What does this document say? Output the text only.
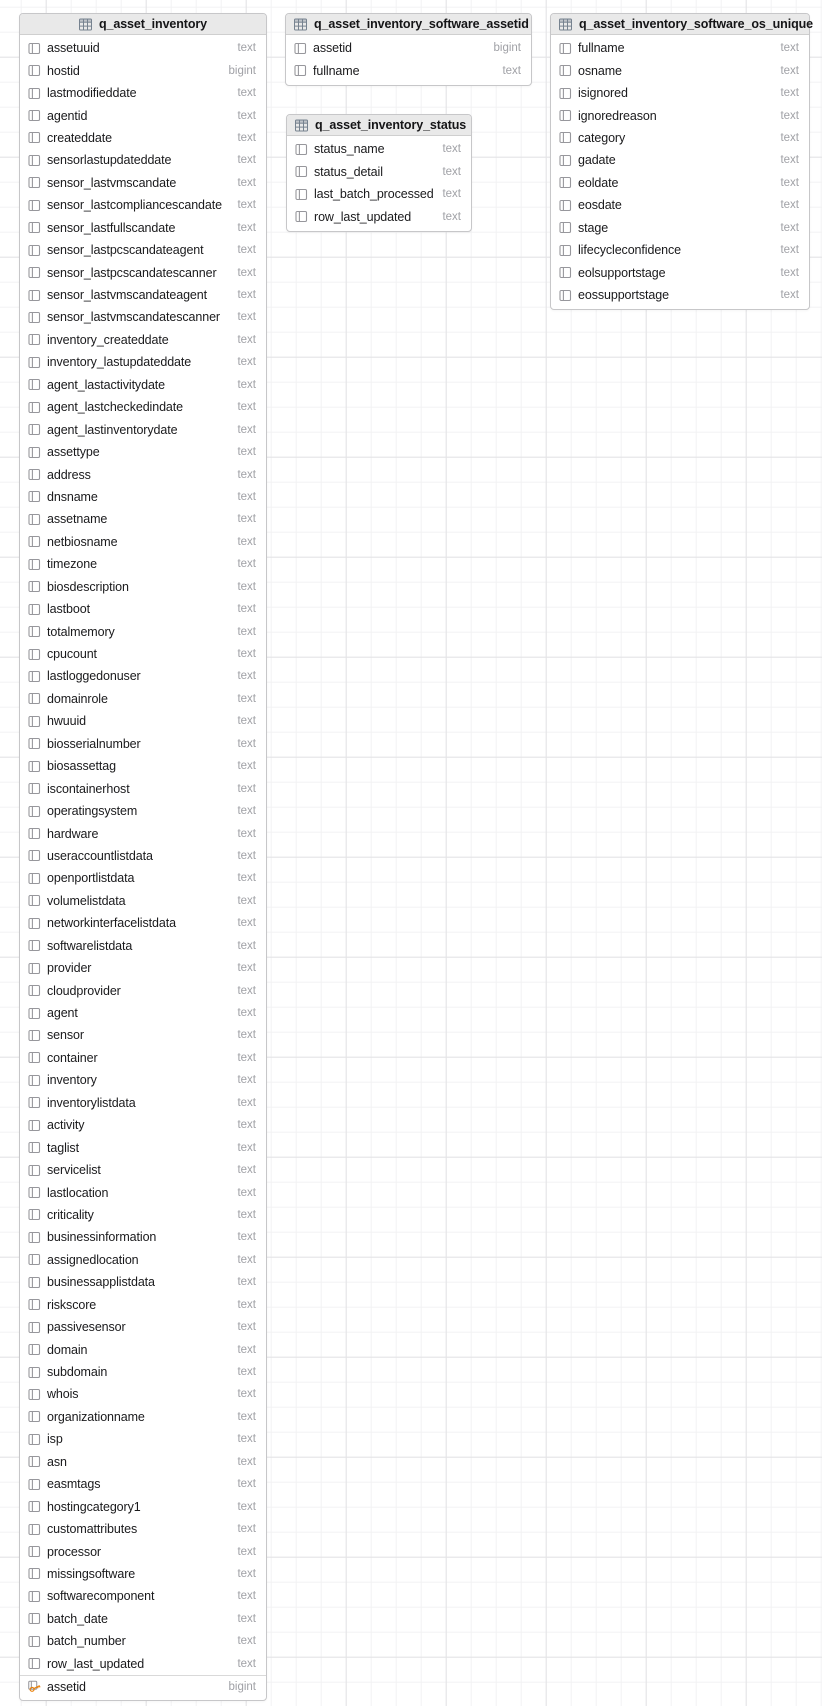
q_asset_inventory
assetuuid	text
hostid	bigint
lastmodifieddate	text
agentid	text
createddate	text
sensorlastupdateddate	text
sensor_lastvmscandate	text
sensor_lastcompliancescandate	text
sensor_lastfullscandate	text
sensor_lastpcscandateagent	text
sensor_lastpcscandatescanner	text
sensor_lastvmscandateagent	text
sensor_lastvmscandatescanner	text
inventory_createddate	text
inventory_lastupdateddate	text
agent_lastactivitydate	text
agent_lastcheckedindate	text
agent_lastinventorydate	text
assettype	text
address	text
dnsname	text
assetname	text
netbiosname	text
timezone	text
biosdescription	text
lastboot	text
totalmemory	text
cpucount	text
lastloggedonuser	text
domainrole	text
hwuuid	text
biosserialnumber	text
biosassettag	text
iscontainerhost	text
operatingsystem	text
hardware	text
useraccountlistdata	text
openportlistdata	text
volumelistdata	text
networkinterfacelistdata	text
softwarelistdata	text
provider	text
cloudprovider	text
agent	text
sensor	text
container	text
inventory	text
inventorylistdata	text
activity	text
taglist	text
servicelist	text
lastlocation	text
criticality	text
businessinformation	text
assignedlocation	text
businessapplistdata	text
riskscore	text
passivesensor	text
domain	text
subdomain	text
whois	text
organizationname	text
isp	text
asn	text
easmtags	text
hostingcategory1	text
customattributes	text
processor	text
missingsoftware	text
softwarecomponent	text
batch_date	text
batch_number	text
row_last_updated	text
assetid	bigint
q_asset_inventory_software_assetid
assetid	bigint
fullname	text
q_asset_inventory_status
status_name	text
status_detail	text
last_batch_processed text
row_last_updated	text
q_asset_inventory_software_os_unique
fullname	text
osname	text
isignored	text
ignoredreason	text
category	text
gadate	text
eoldate	text
eosdate	text
stage	text
lifecycleconfidence	text
eolsupportstage	text
eossupportstage	text
